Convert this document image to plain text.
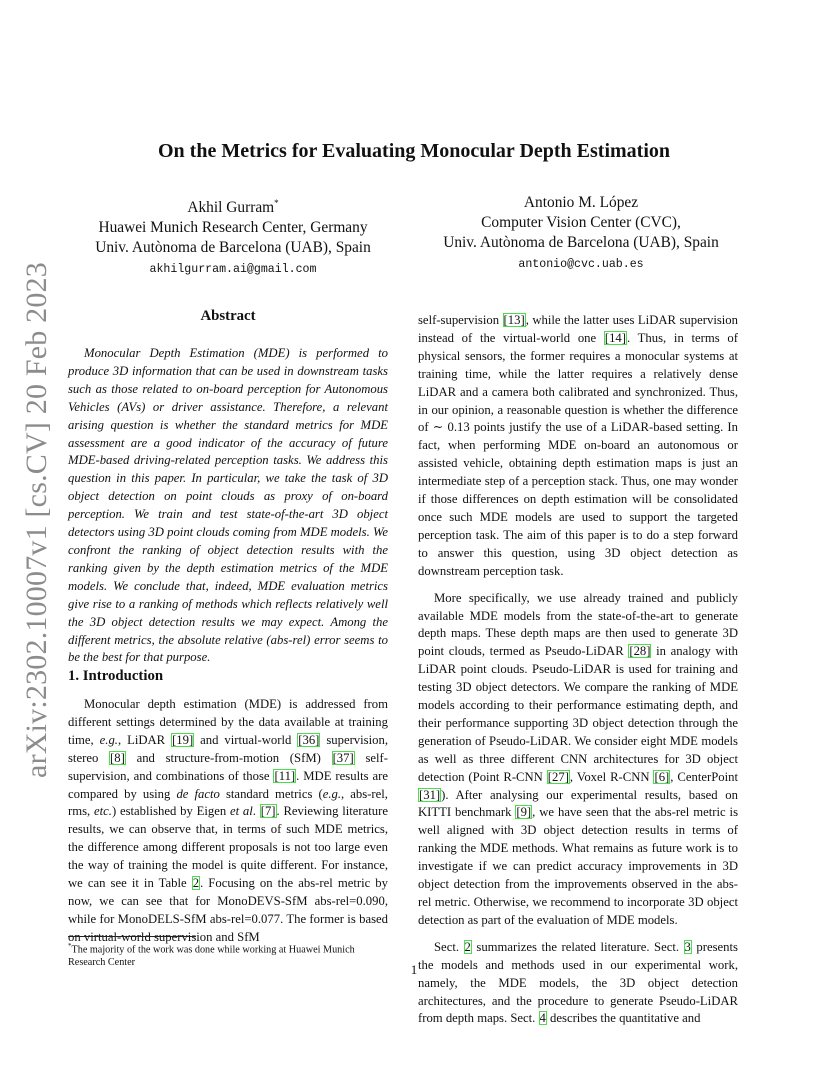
arXiv:2302.10007v1 [cs.CV] 20 Feb 2023
On the Metrics for Evaluating Monocular Depth Estimation
Akhil Gurram*
Huawei Munich Research Center, Germany
Univ. Autònoma de Barcelona (UAB), Spain
akhilgurram.ai@gmail.com
Antonio M. López
Computer Vision Center (CVC),
Univ. Autònoma de Barcelona (UAB), Spain
antonio@cvc.uab.es
Abstract

Monocular Depth Estimation (MDE) is performed to produce 3D information that can be used in downstream tasks such as those related to on-board perception for Autonomous Vehicles (AVs) or driver assistance. Therefore, a relevant arising question is whether the standard metrics for MDE assessment are a good indicator of the accuracy of future MDE-based driving-related perception tasks. We address this question in this paper. In particular, we take the task of 3D object detection on point clouds as proxy of on-board perception. We train and test state-of-the-art 3D object detectors using 3D point clouds coming from MDE models. We confront the ranking of object detection results with the ranking given by the depth estimation metrics of the MDE models. We conclude that, indeed, MDE evaluation metrics give rise to a ranking of methods which reflects relatively well the 3D object detection results we may expect. Among the different metrics, the absolute relative (abs-rel) error seems to be the best for that purpose.

1. Introduction

Monocular depth estimation (MDE) is addressed from different settings determined by the data available at training time, e.g., LiDAR [19] and virtual-world [36] supervision, stereo [8] and structure-from-motion (SfM) [37] self-supervision, and combinations of those [11]. MDE results are compared by using de facto standard metrics (e.g., abs-rel, rms, etc.) established by Eigen et al. [7]. Reviewing literature results, we can observe that, in terms of such MDE metrics, the difference among different proposals is not too large even the way of training the model is quite different. For instance, we can see it in Table 2. Focusing on the abs-rel metric by now, we can see that for MonoDEVS-SfM abs-rel=0.090, while for MonoDELS-SfM abs-rel=0.077. The former is based on virtual-world supervision and SfM

self-supervision [13], while the latter uses LiDAR supervision instead of the virtual-world one [14]. Thus, in terms of physical sensors, the former requires a monocular systems at training time, while the latter requires a relatively dense LiDAR and a camera both calibrated and synchronized. Thus, in our opinion, a reasonable question is whether the difference of ∼ 0.13 points justify the use of a LiDAR-based setting. In fact, when performing MDE on-board an autonomous or assisted vehicle, obtaining depth estimation maps is just an intermediate step of a perception stack. Thus, one may wonder if those differences on depth estimation will be consolidated once such MDE models are used to support the targeted perception task. The aim of this paper is to do a step forward to answer this question, using 3D object detection as downstream perception task.

More specifically, we use already trained and publicly available MDE models from the state-of-the-art to generate depth maps. These depth maps are then used to generate 3D point clouds, termed as Pseudo-LiDAR [28] in analogy with LiDAR point clouds. Pseudo-LiDAR is used for training and testing 3D object detectors. We compare the ranking of MDE models according to their performance estimating depth, and their performance supporting 3D object detection through the generation of Pseudo-LiDAR. We consider eight MDE models as well as three different CNN architectures for 3D object detection (Point R-CNN [27], Voxel R-CNN [6], CenterPoint [31]). After analysing our experimental results, based on KITTI benchmark [9], we have seen that the abs-rel metric is well aligned with 3D object detection results in terms of ranking the MDE methods. What remains as future work is to investigate if we can predict accuracy improvements in 3D object detection from the improvements observed in the abs-rel metric. Otherwise, we recommend to incorporate 3D object detection as part of the evaluation of MDE models.

Sect. 2 summarizes the related literature. Sect. 3 presents the models and methods used in our experimental work, namely, the MDE models, the 3D object detection architectures, and the procedure to generate Pseudo-LiDAR from depth maps. Sect. 4 describes the quantitative and

*The majority of the work was done while working at Huawei Munich Research Center	1
